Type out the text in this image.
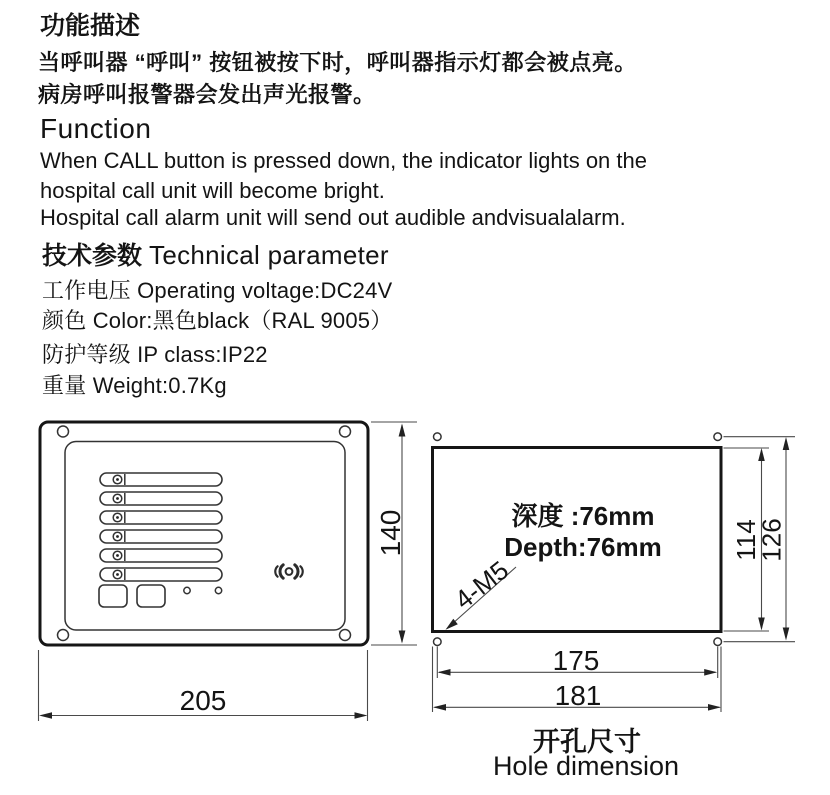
功能描述
当呼叫器 “呼叫” 按钮被按下时，呼叫器指示灯都会被点亮。
病房呼叫报警器会发出声光报警。
Function
When CALL button is pressed down, the indicator lights on the
hospital call unit will become bright.
Hospital call alarm unit will send out audible andvisualalarm.
技术参数 Technical parameter
工作电压 Operating voltage:DC24V
颜色 Color:黑色black（RAL 9005）
防护等级 IP class:IP22
重量 Weight:0.7Kg
140
205
深度 :76mm
Depth:76mm
4-M5
114
126
175
181
开孔尺寸
Hole dimension
